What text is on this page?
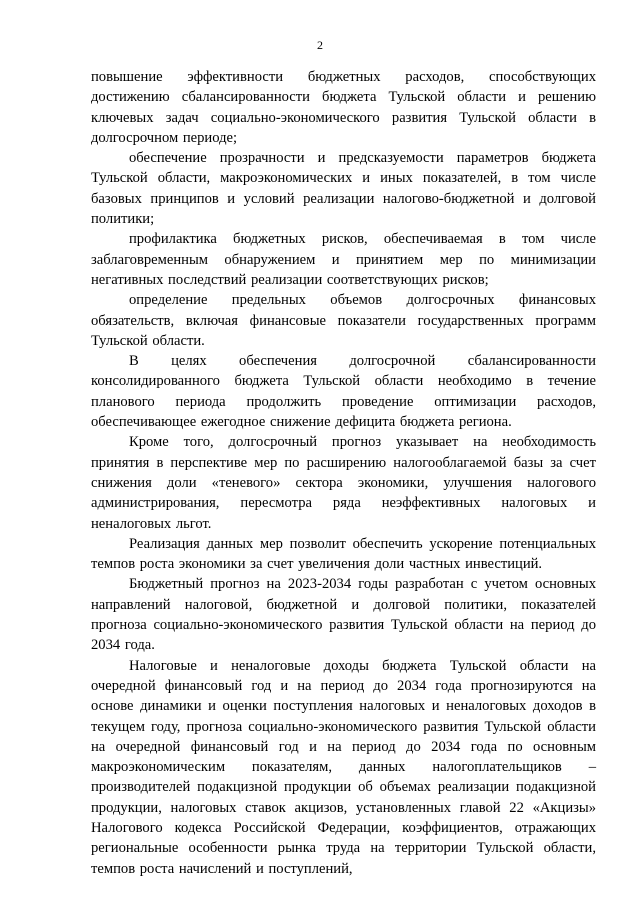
2

повышение эффективности бюджетных расходов, способствующих достижению сбалансированности бюджета Тульской области и решению ключевых задач социально-экономического развития Тульской области в долгосрочном периоде;

обеспечение прозрачности и предсказуемости параметров бюджета Тульской области, макроэкономических и иных показателей, в том числе базовых принципов и условий реализации налогово-бюджетной и долговой политики;

профилактика бюджетных рисков, обеспечиваемая в том числе заблаговременным обнаружением и принятием мер по минимизации негативных последствий реализации соответствующих рисков;

определение предельных объемов долгосрочных финансовых обязательств, включая финансовые показатели государственных программ Тульской области.

В целях обеспечения долгосрочной сбалансированности консолидированного бюджета Тульской области необходимо в течение планового периода продолжить проведение оптимизации расходов, обеспечивающее ежегодное снижение дефицита бюджета региона.

Кроме того, долгосрочный прогноз указывает на необходимость принятия в перспективе мер по расширению налогооблагаемой базы за счет снижения доли «теневого» сектора экономики, улучшения налогового администрирования, пересмотра ряда неэффективных налоговых и неналоговых льгот.

Реализация данных мер позволит обеспечить ускорение потенциальных темпов роста экономики за счет увеличения доли частных инвестиций.

Бюджетный прогноз на 2023-2034 годы разработан с учетом основных направлений налоговой, бюджетной и долговой политики, показателей прогноза социально-экономического развития Тульской области на период до 2034 года.

Налоговые и неналоговые доходы бюджета Тульской области на очередной финансовый год и на период до 2034 года прогнозируются на основе динамики и оценки поступления налоговых и неналоговых доходов в текущем году, прогноза социально-экономического развития Тульской области на очередной финансовый год и на период до 2034 года по основным макроэкономическим показателям, данных налогоплательщиков – производителей подакцизной продукции об объемах реализации подакцизной продукции, налоговых ставок акцизов, установленных главой 22 «Акцизы» Налогового кодекса Российской Федерации, коэффициентов, отражающих региональные особенности рынка труда на территории Тульской области, темпов роста начислений и поступлений,
